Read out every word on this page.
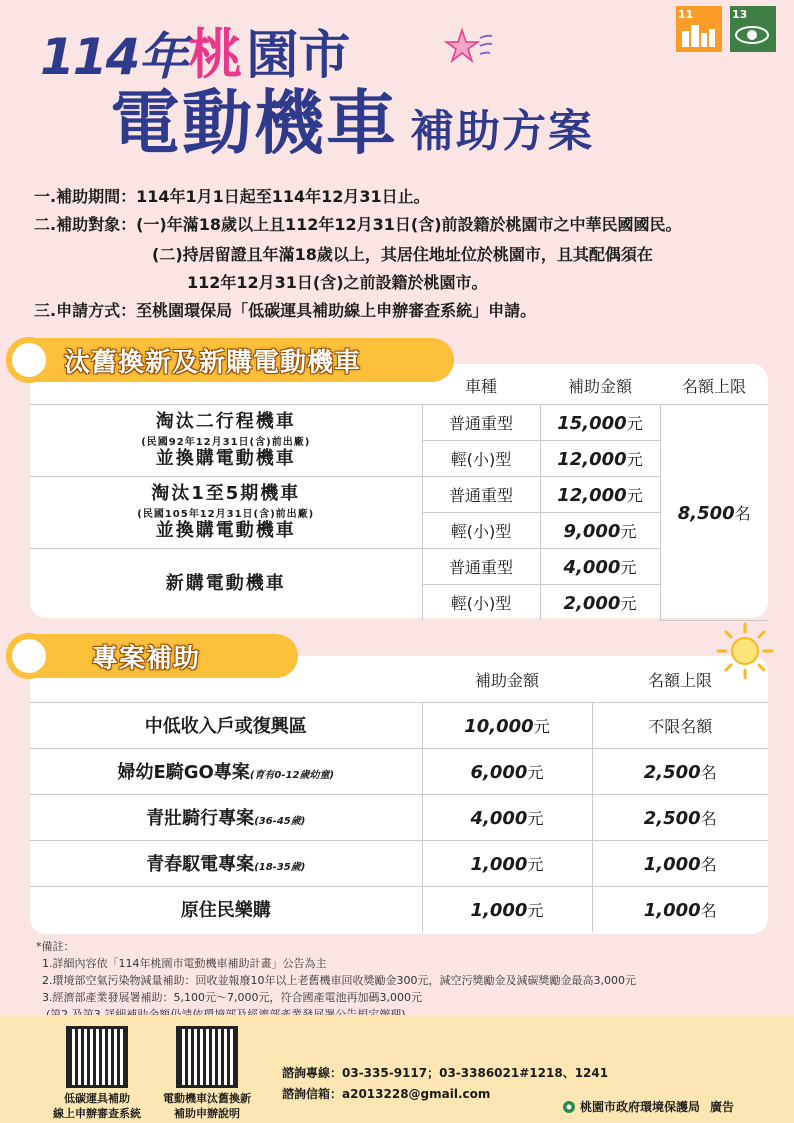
114年 桃 園市
電動機車 補助方案
11	13
一.補助期間：114年1月1日起至114年12月31日止。
二.補助對象：(一)年滿18歲以上且112年12月31日(含)前設籍於桃園市之中華民國國民。
(二)持居留證且年滿18歲以上，其居住地址位於桃園市，且其配偶須在
112年12月31日(含)之前設籍於桃園市。
三.申請方式：至桃園環保局「低碳運具補助線上申辦審查系統」申請。
汰舊換新及新購電動機車
	車種	補助金額	名額上限

淘汰二行程機車
(民國92年12月31日(含)前出廠)
並換購電動機車	普通重型	15,000元	8,500名
	輕(小)型	12,000元	

淘汰1至5期機車
(民國105年12月31日(含)前出廠)
並換購電動機車	普通重型	12,000元	
	輕(小)型	9,000元	

新購電動機車	普通重型	4,000元	
	輕(小)型	2,000元	
專案補助
	補助金額	名額上限
中低收入戶或復興區	10,000元	不限名額
婦幼E騎GO專案(育有0-12歲幼童)	6,000元	2,500名
青壯騎行專案(36-45歲)	4,000元	2,500名
青春馭電專案(18-35歲)	1,000元	1,000名
原住民樂購	1,000元	1,000名
*備註：
1.詳細內容依「114年桃園市電動機車補助計畫」公告為主
2.環境部空氣污染物減量補助：回收並報廢10年以上老舊機車回收獎勵金300元，減空污獎勵金及減碳獎勵金最高3,000元
3.經濟部產業發展署補助：5,100元～7,000元，符合國產電池再加碼3,000元
低碳運具補助
線上申辦審查系統
電動機車汰舊換新
補助申辦說明
諮詢專線：03-335-9117；03-3386021#1218、1241
諮詢信箱：a2013228@gmail.com
桃園市政府環境保護局 廣告
